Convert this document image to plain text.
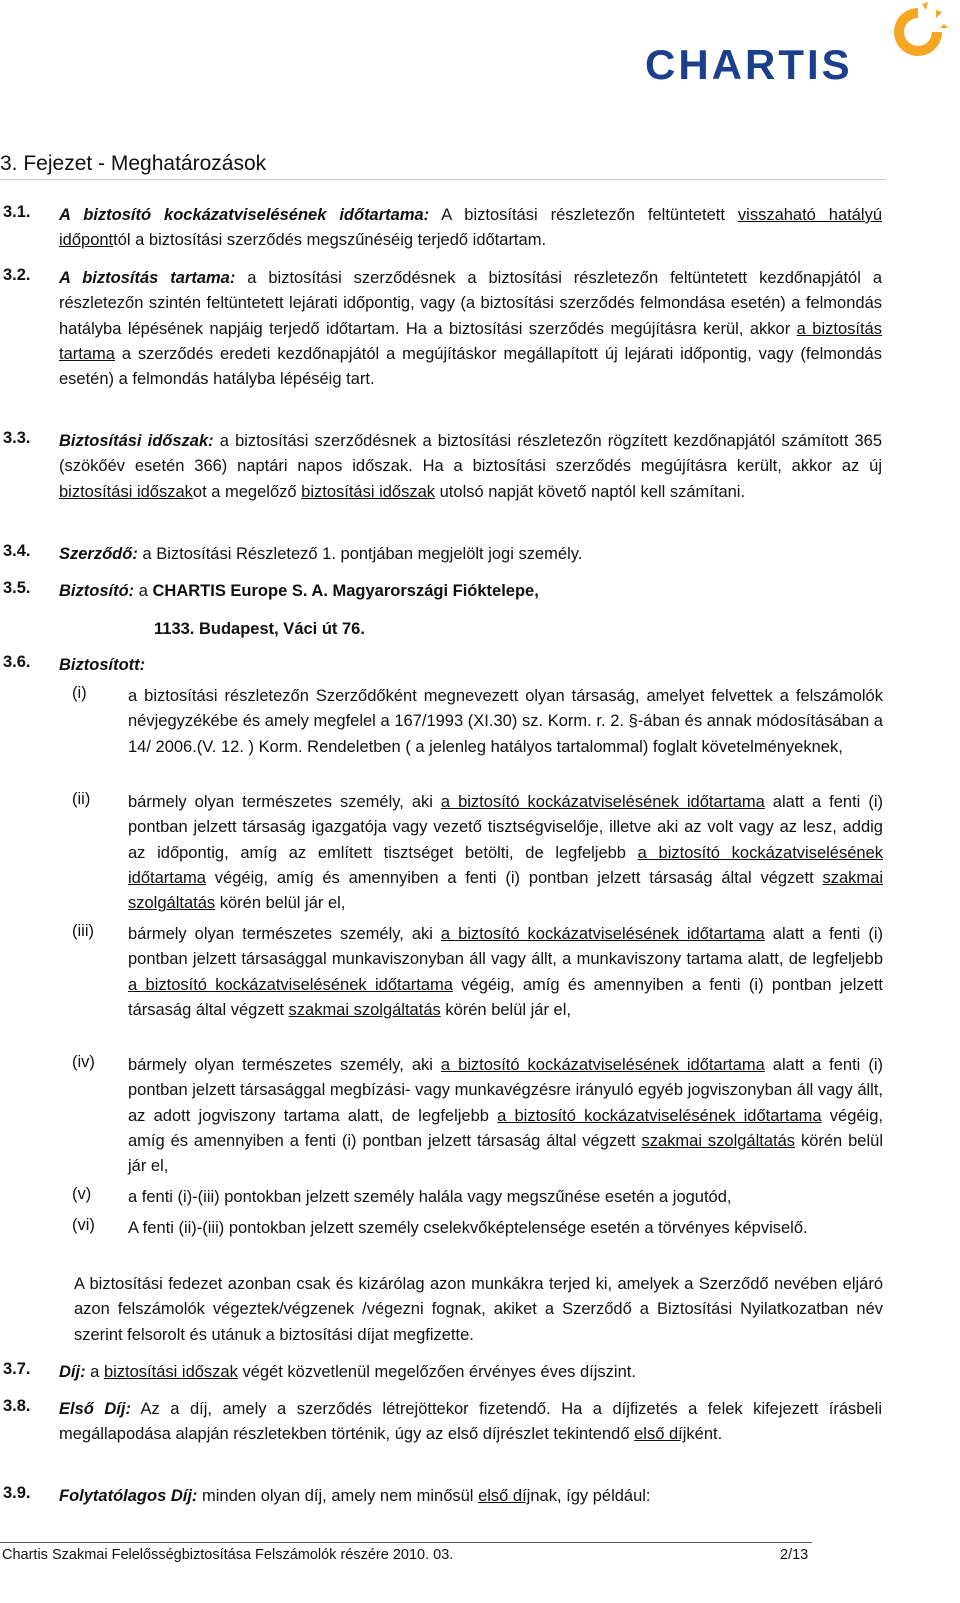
CHARTIS
3. Fejezet - Meghatározások
3.1. A biztosító kockázatviselésének időtartama: A biztosítási részletezőn feltüntetett visszaható hatályú időponttól a biztosítási szerződés megszűnéséig terjedő időtartam.

3.2. A biztosítás tartama: a biztosítási szerződésnek a biztosítási részletezőn feltüntetett kezdőnapjától a részletezőn szintén feltüntetett lejárati időpontig, vagy (a biztosítási szerződés felmondása esetén) a felmondás hatályba lépésének napjáig terjedő időtartam. Ha a biztosítási szerződés megújításra kerül, akkor a biztosítás tartama a szerződés eredeti kezdőnapjától a megújításkor megállapított új lejárati időpontig, vagy (felmondás esetén) a felmondás hatályba lépéséig tart.

3.3. Biztosítási időszak: a biztosítási szerződésnek a biztosítási részletezőn rögzített kezdőnapjától számított 365 (szökőév esetén 366) naptári napos időszak. Ha a biztosítási szerződés megújításra került, akkor az új biztosítási időszakot a megelőző biztosítási időszak utolsó napját követő naptól kell számítani.

3.4. Szerződő: a Biztosítási Részletező 1. pontjában megjelölt jogi személy.

3.5. Biztosító: a CHARTIS Europe S. A. Magyarországi Fióktelepe,

1133. Budapest, Váci út 76.

3.6. Biztosított:

(i)	a biztosítási részletezőn Szerződőként megnevezett olyan társaság, amelyet felvettek a felszámolók névjegyzékébe és amely megfelel a 167/1993 (XI.30) sz. Korm. r. 2. §-ában és annak módosításában a 14/ 2006.(V. 12. ) Korm. Rendeletben ( a jelenleg hatályos tartalommal) foglalt követelményeknek,

(ii) bármely olyan természetes személy, aki a biztosító kockázatviselésének időtartama alatt a fenti (i) pontban jelzett társaság igazgatója vagy vezető tisztségviselője, illetve aki az volt vagy az lesz, addig az időpontig, amíg az említett tisztséget betölti, de legfeljebb a biztosító kockázatviselésének időtartama végéig, amíg és amennyiben a fenti (i) pontban jelzett társaság által végzett szakmai szolgáltatás körén belül jár el,

(iii) bármely olyan természetes személy, aki a biztosító kockázatviselésének időtartama alatt a fenti (i) pontban jelzett társasággal munkaviszonyban áll vagy állt, a munkaviszony tartama alatt, de legfeljebb a biztosító kockázatviselésének időtartama végéig, amíg és amennyiben a fenti (i) pontban jelzett társaság által végzett szakmai szolgáltatás körén belül jár el,

(iv) bármely olyan természetes személy, aki a biztosító kockázatviselésének időtartama alatt a fenti (i) pontban jelzett társasággal megbízási- vagy munkavégzésre irányuló egyéb jogviszonyban áll vagy állt, az adott jogviszony tartama alatt, de legfeljebb a biztosító kockázatviselésének időtartama végéig, amíg és amennyiben a fenti (i) pontban jelzett társaság által végzett szakmai szolgáltatás körén belül jár el,

(v) a fenti (i)-(iii) pontokban jelzett személy halála vagy megszűnése esetén a jogutód,

(vi) A fenti (ii)-(iii) pontokban jelzett személy cselekvőképtelensége esetén a törvényes képviselő.

A biztosítási fedezet azonban csak és kizárólag azon munkákra terjed ki, amelyek a Szerződő nevében eljáró azon felszámolók végeztek/végzenek /végezni fognak, akiket a Szerződő a Biztosítási Nyilatkozatban név szerint felsorolt és utánuk a biztosítási díjat megfizette.

3.7. Díj: a biztosítási időszak végét közvetlenül megelőzően érvényes éves díjszint.

3.8. Első Díj: Az a díj, amely a szerződés létrejöttekor fizetendő. Ha a díjfizetés a felek kifejezett írásbeli megállapodása alapján részletekben történik, úgy az első díjrészlet tekintendő első díjként.

3.9. Folytatólagos Díj: minden olyan díj, amely nem minősül első díjnak, így például:

Chartis Szakmai Felelősségbiztosítása Felszámolók részére 2010. 03.	2/13
